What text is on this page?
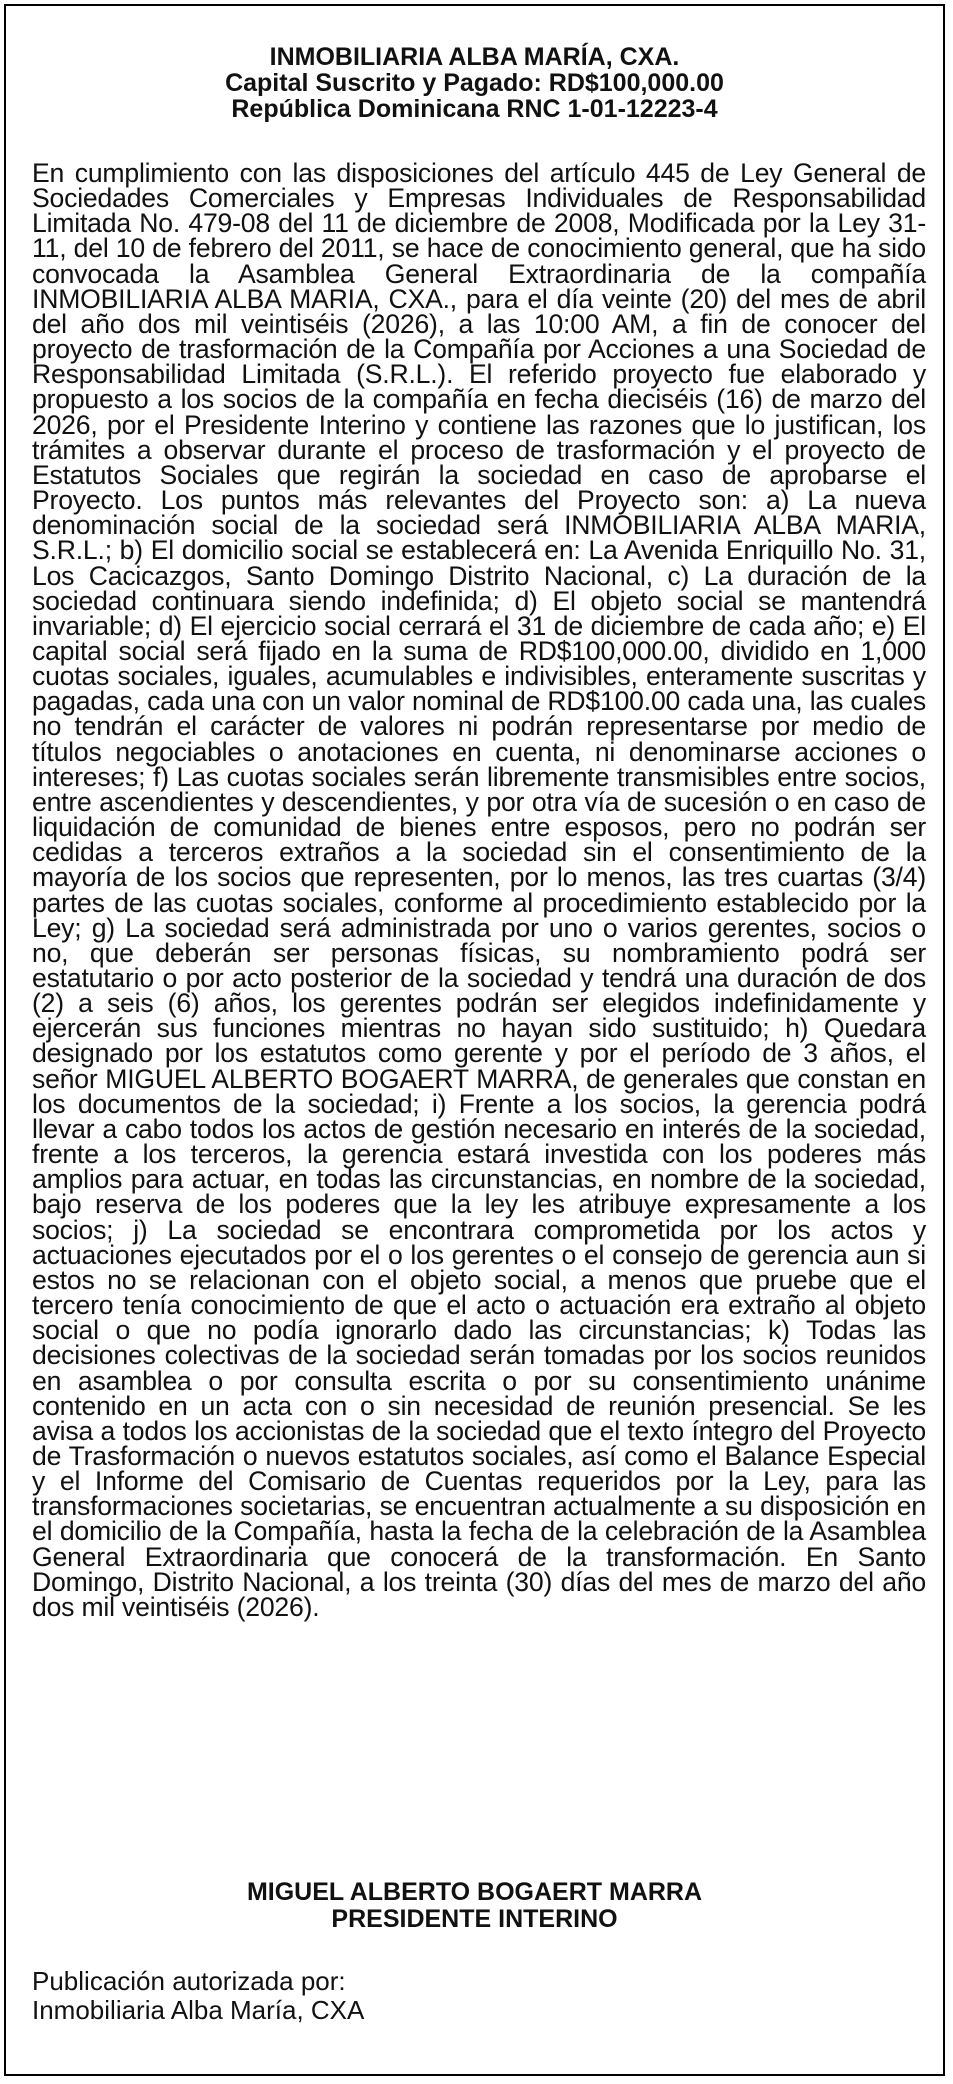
INMOBILIARIA ALBA MARÍA, CXA.
Capital Suscrito y Pagado: RD$100,000.00
República Dominicana RNC 1-01-12223-4

En cumplimiento con las disposiciones del artículo 445 de Ley General de Sociedades Comerciales y Empresas Individuales de Responsabilidad Limitada No. 479-08 del 11 de diciembre de 2008, Modificada por la Ley 31-11, del 10 de febrero del 2011, se hace de conocimiento general, que ha sido convocada la Asamblea General Extraordinaria de la compañía INMOBILIARIA ALBA MARIA, CXA., para el día veinte (20) del mes de abril del año dos mil veintiséis (2026), a las 10:00 AM, a fin de conocer del proyecto de trasformación de la Compañía por Acciones a una Sociedad de Responsabilidad Limitada (S.R.L.). El referido proyecto fue elaborado y propuesto a los socios de la compañía en fecha dieciséis (16) de marzo del 2026, por el Presidente Interino y contiene las razones que lo justifican, los trámites a observar durante el proceso de trasformación y el proyecto de Estatutos Sociales que regirán la sociedad en caso de aprobarse el Proyecto. Los puntos más relevantes del Proyecto son: a) La nueva denominación social de la sociedad será INMOBILIARIA ALBA MARIA, S.R.L.; b) El domicilio social se establecerá en: La Avenida Enriquillo No. 31, Los Cacicazgos, Santo Domingo Distrito Nacional, c) La duración de la sociedad continuara siendo indefinida; d) El objeto social se mantendrá invariable; d) El ejercicio social cerrará el 31 de diciembre de cada año; e) El capital social será fijado en la suma de RD$100,000.00, dividido en 1,000 cuotas sociales, iguales, acumulables e indivisibles, enteramente suscritas y pagadas, cada una con un valor nominal de RD$100.00 cada una, las cuales no tendrán el carácter de valores ni podrán representarse por medio de títulos negociables o anotaciones en cuenta, ni denominarse acciones o intereses; f) Las cuotas sociales serán libremente transmisibles entre socios, entre ascendientes y descendientes, y por otra vía de sucesión o en caso de liquidación de comunidad de bienes entre esposos, pero no podrán ser cedidas a terceros extraños a la sociedad sin el consentimiento de la mayoría de los socios que representen, por lo menos, las tres cuartas (3/4) partes de las cuotas sociales, conforme al procedimiento establecido por la Ley; g) La sociedad será administrada por uno o varios gerentes, socios o no, que deberán ser personas físicas, su nombramiento podrá ser estatutario o por acto posterior de la sociedad y tendrá una duración de dos (2) a seis (6) años, los gerentes podrán ser elegidos indefinidamente y ejercerán sus funciones mientras no hayan sido sustituido; h) Quedara designado por los estatutos como gerente y por el período de 3 años, el señor MIGUEL ALBERTO BOGAERT MARRA, de generales que constan en los documentos de la sociedad; i) Frente a los socios, la gerencia podrá llevar a cabo todos los actos de gestión necesario en interés de la sociedad, frente a los terceros, la gerencia estará investida con los poderes más amplios para actuar, en todas las circunstancias, en nombre de la sociedad, bajo reserva de los poderes que la ley les atribuye expresamente a los socios; j) La sociedad se encontrara comprometida por los actos y actuaciones ejecutados por el o los gerentes o el consejo de gerencia aun si estos no se relacionan con el objeto social, a menos que pruebe que el tercero tenía conocimiento de que el acto o actuación era extraño al objeto social o que no podía ignorarlo dado las circunstancias; k) Todas las decisiones colectivas de la sociedad serán tomadas por los socios reunidos en asamblea o por consulta escrita o por su consentimiento unánime contenido en un acta con o sin necesidad de reunión presencial. Se les avisa a todos los accionistas de la sociedad que el texto íntegro del Proyecto de Trasformación o nuevos estatutos sociales, así como el Balance Especial y el Informe del Comisario de Cuentas requeridos por la Ley, para las transformaciones societarias, se encuentran actualmente a su disposición en el domicilio de la Compañía, hasta la fecha de la celebración de la Asamblea General Extraordinaria que conocerá de la transformación. En Santo Domingo, Distrito Nacional, a los treinta (30) días del mes de marzo del año dos mil veintiséis (2026).

MIGUEL ALBERTO BOGAERT MARRA
PRESIDENTE INTERINO
Publicación autorizada por:
Inmobiliaria Alba María, CXA
